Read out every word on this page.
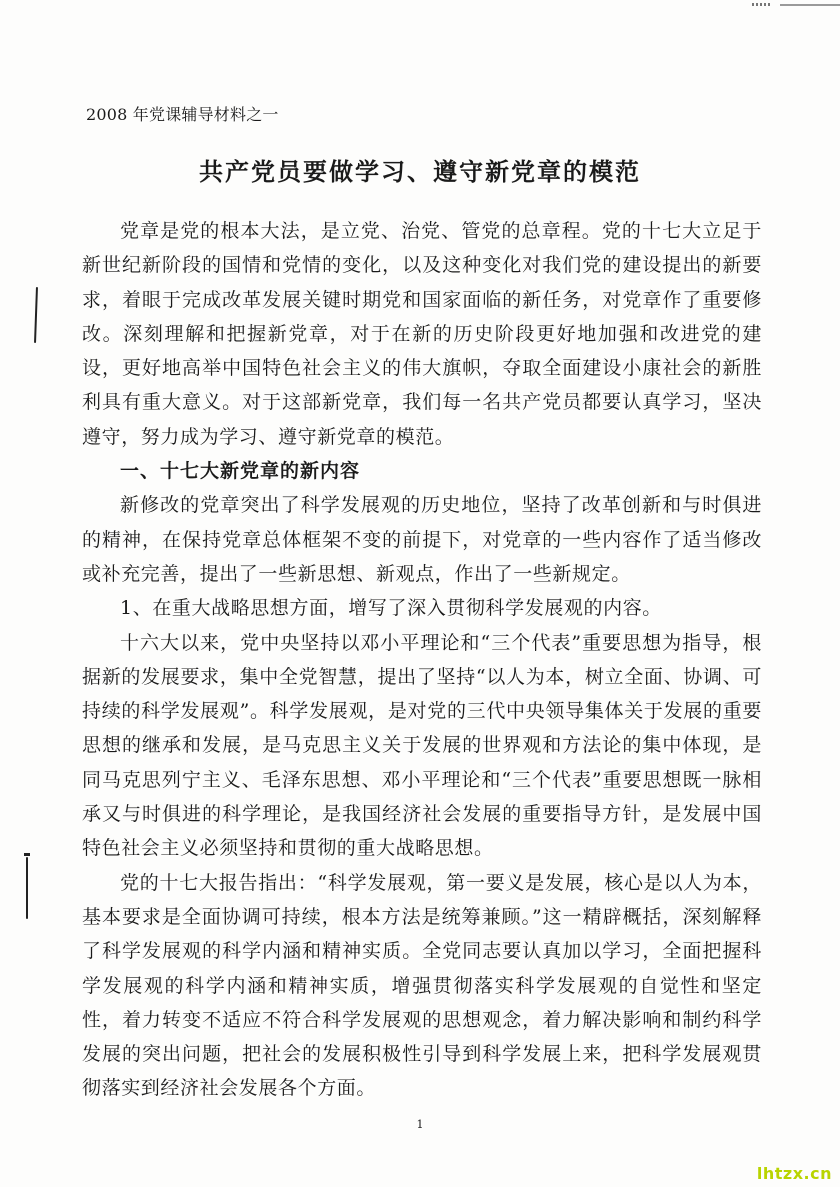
2008 年党课辅导材料之一
共产党员要做学习、遵守新党章的模范

党章是党的根本大法，是立党、治党、管党的总章程。党的十七大立足于新世纪新阶段的国情和党情的变化，以及这种变化对我们党的建设提出的新要求，着眼于完成改革发展关键时期党和国家面临的新任务，对党章作了重要修改。深刻理解和把握新党章，对于在新的历史阶段更好地加强和改进党的建设，更好地高举中国特色社会主义的伟大旗帜，夺取全面建设小康社会的新胜利具有重大意义。对于这部新党章，我们每一名共产党员都要认真学习，坚决遵守，努力成为学习、遵守新党章的模范。

一、十七大新党章的新内容

新修改的党章突出了科学发展观的历史地位，坚持了改革创新和与时俱进的精神，在保持党章总体框架不变的前提下，对党章的一些内容作了适当修改或补充完善，提出了一些新思想、新观点，作出了一些新规定。

1、在重大战略思想方面，增写了深入贯彻科学发展观的内容。

十六大以来，党中央坚持以邓小平理论和“三个代表”重要思想为指导，根据新的发展要求，集中全党智慧，提出了坚持“以人为本，树立全面、协调、可持续的科学发展观”。科学发展观，是对党的三代中央领导集体关于发展的重要思想的继承和发展，是马克思主义关于发展的世界观和方法论的集中体现，是同马克思列宁主义、毛泽东思想、邓小平理论和“三个代表”重要思想既一脉相承又与时俱进的科学理论，是我国经济社会发展的重要指导方针，是发展中国特色社会主义必须坚持和贯彻的重大战略思想。

党的十七大报告指出：“科学发展观，第一要义是发展，核心是以人为本，基本要求是全面协调可持续，根本方法是统筹兼顾。”这一精辟概括，深刻解释了科学发展观的科学内涵和精神实质。全党同志要认真加以学习，全面把握科学发展观的科学内涵和精神实质，增强贯彻落实科学发展观的自觉性和坚定性，着力转变不适应不符合科学发展观的思想观念，着力解决影响和制约科学发展的突出问题，把社会的发展积极性引导到科学发展上来，把科学发展观贯彻落实到经济社会发展各个方面。

1
lhtzx.cn
